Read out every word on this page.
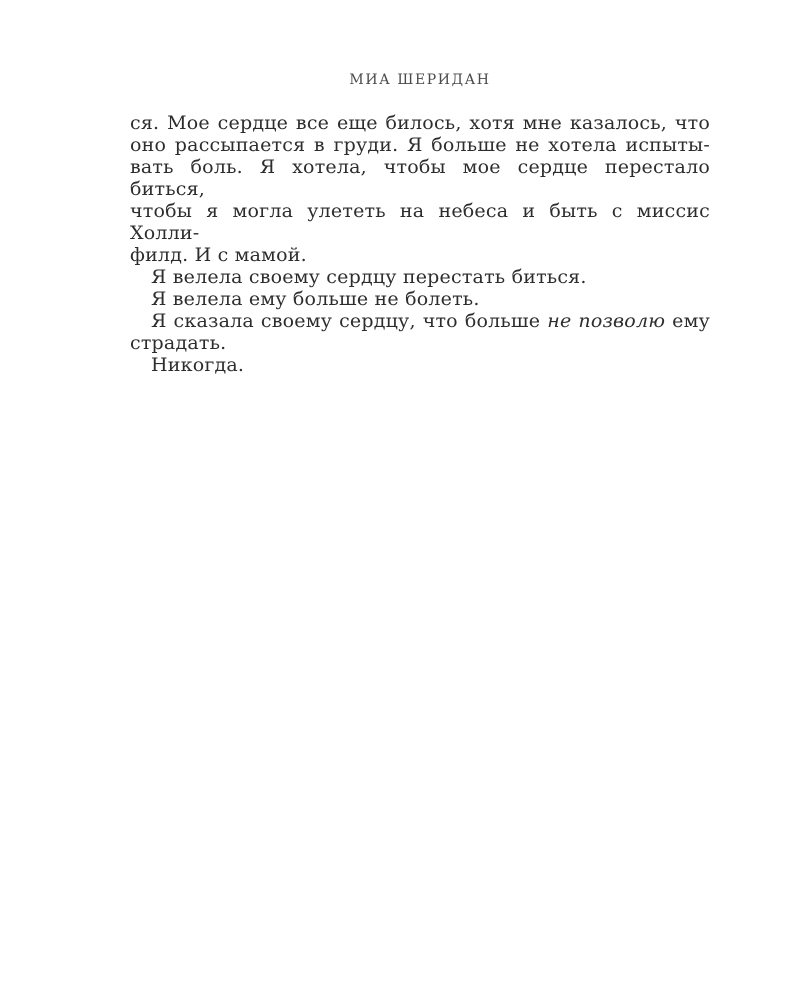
МИА ШЕРИДАН
ся. Мое сердце все еще билось, хотя мне казалось, что
оно рассыпается в груди. Я больше не хотела испыты-
вать боль. Я хотела, чтобы мое сердце перестало биться,
чтобы я могла улететь на небеса и быть с миссис Холли-
филд. И с мамой.
Я велела своему сердцу перестать биться.
Я велела ему больше не болеть.
Я сказала своему сердцу, что больше не позволю ему
страдать.
Никогда.
